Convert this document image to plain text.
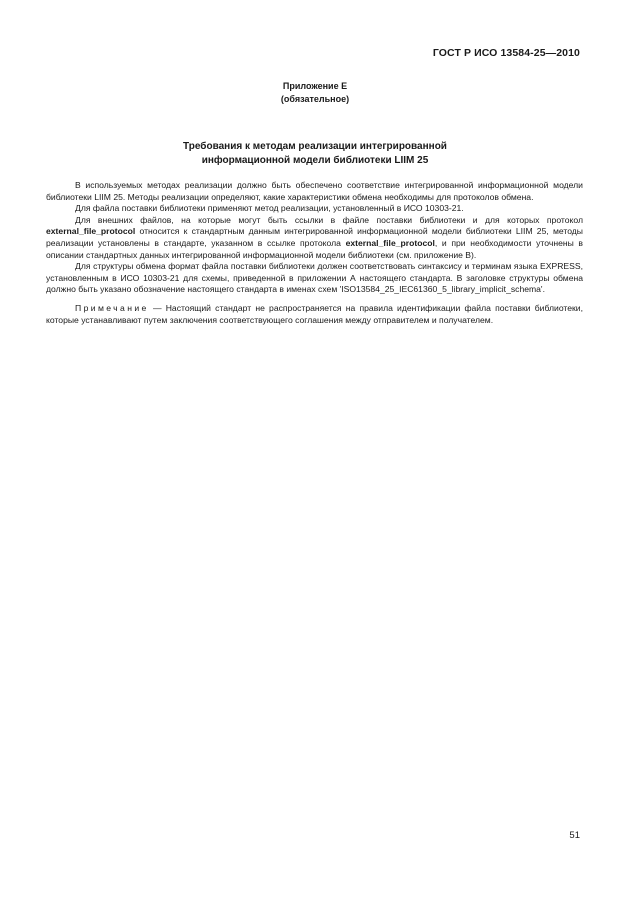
ГОСТ Р ИСО 13584-25—2010
Приложение Е
(обязательное)
Требования к методам реализации интегрированной
информационной модели библиотеки LIIM 25

В используемых методах реализации должно быть обеспечено соответствие интегрированной информационной модели библиотеки LIIM 25. Методы реализации определяют, какие характеристики обмена необходимы для протоколов обмена.

Для файла поставки библиотеки применяют метод реализации, установленный в ИСО 10303-21.

Для внешних файлов, на которые могут быть ссылки в файле поставки библиотеки и для которых протокол external_file_protocol относится к стандартным данным интегрированной информационной модели библиотеки LIIM 25, методы реализации установлены в стандарте, указанном в ссылке протокола external_file_protocol, и при необходимости уточнены в описании стандартных данных интегрированной информационной модели библиотеки (см. приложение В).

Для структуры обмена формат файла поставки библиотеки должен соответствовать синтаксису и терминам языка EXPRESS, установленным в ИСО 10303-21 для схемы, приведенной в приложении А настоящего стандарта. В заголовке структуры обмена должно быть указано обозначение настоящего стандарта в именах схем 'ISO13584_25_IEC61360_5_library_implicit_schema'.

Примечание — Настоящий стандарт не распространяется на правила идентификации файла поставки библиотеки, которые устанавливают путем заключения соответствующего соглашения между отправителем и получателем.

51
